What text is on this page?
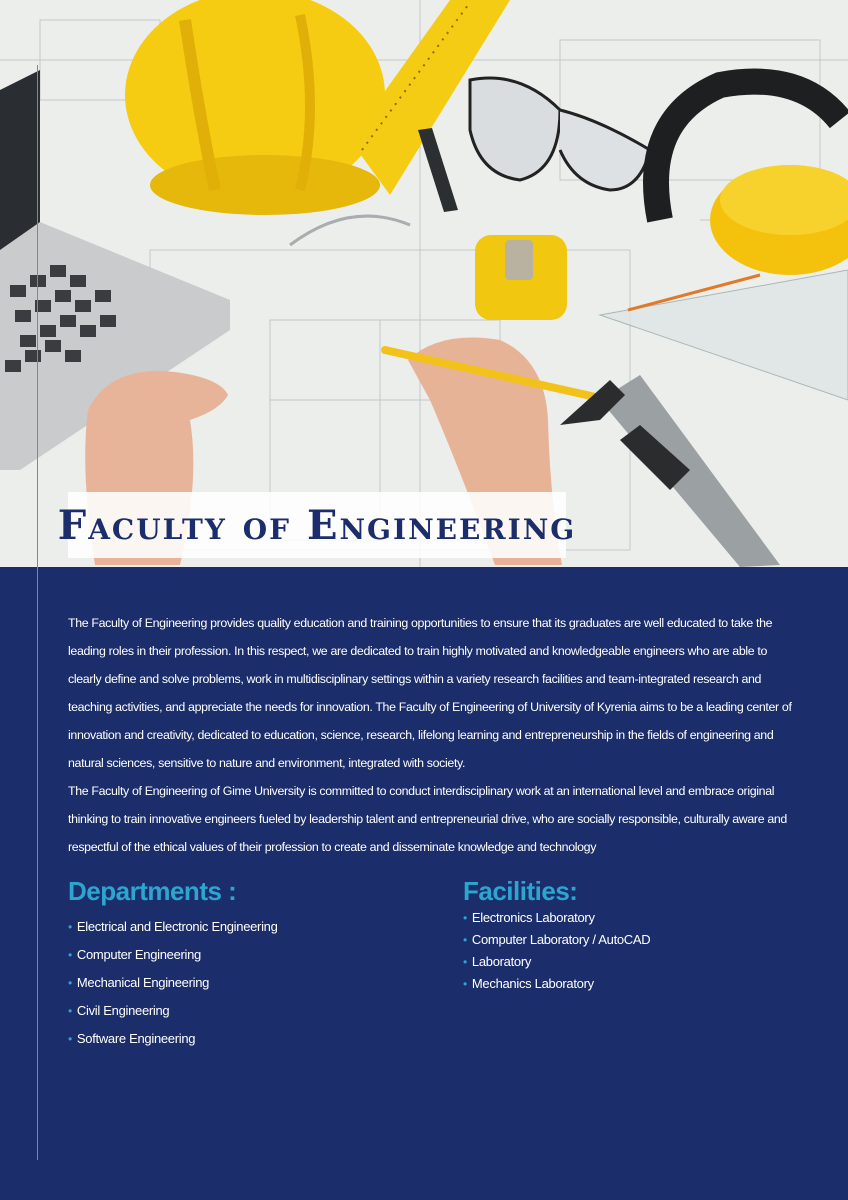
Faculty of Engineering

The Faculty of Engineering provides quality education and training opportunities to ensure that its graduates are well educated to take the leading roles in their profession. In this respect, we are dedicated to train highly motivated and knowledgeable engineers who are able to clearly define and solve problems, work in multidisciplinary settings within a variety research facilities and team-integrated research and teaching activities, and appreciate the needs for innovation. The Faculty of Engineering of University of Kyrenia aims to be a leading center of innovation and creativity, dedicated to education, science, research, lifelong learning and entrepreneurship in the fields of engineering and natural sciences, sensitive to nature and environment, integrated with society.

The Faculty of Engineering of Gime University is committed to conduct interdisciplinary work at an international level and embrace original thinking to train innovative engineers fueled by leadership talent and entrepreneurial drive, who are socially responsible, culturally aware and respectful of the ethical values of their profession to create and disseminate knowledge and technology

Departments :
• Electrical and Electronic Engineering
• Computer Engineering
• Mechanical Engineering
• Civil Engineering
• Software Engineering
Facilities:
• Electronics Laboratory
• Computer Laboratory / AutoCAD
• Laboratory
• Mechanics Laboratory
